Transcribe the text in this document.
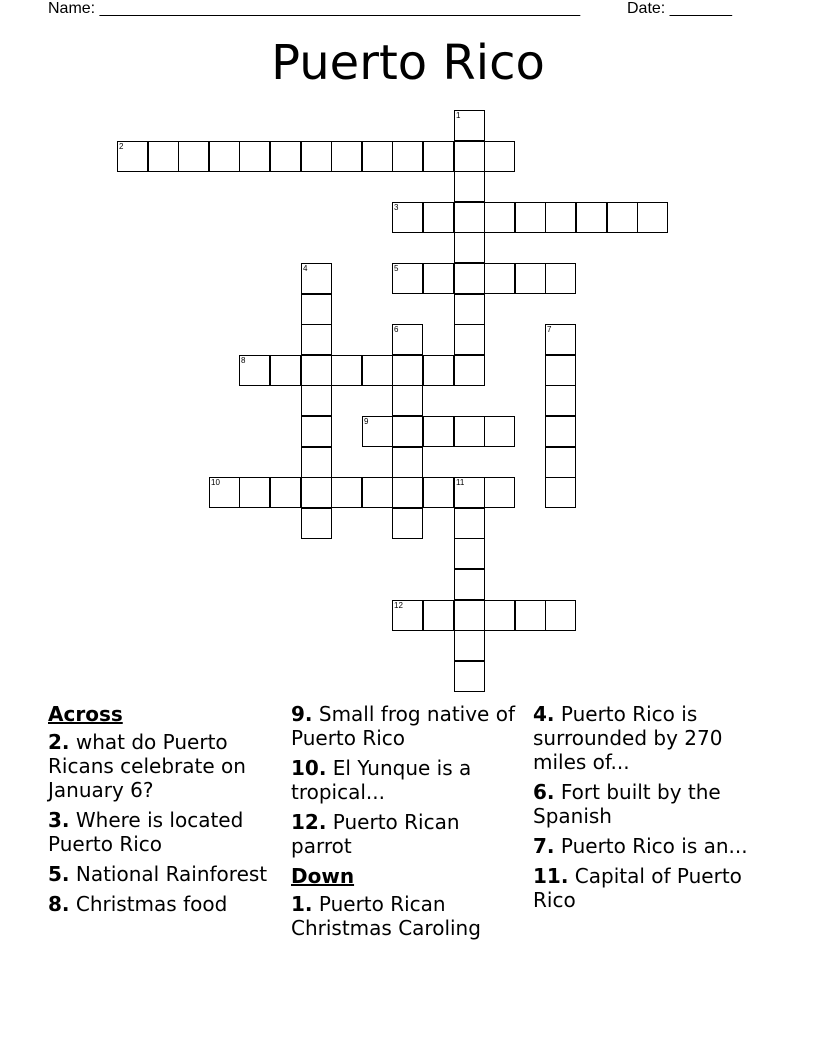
Name: ______________________________________________________	Date: _______
Puerto Rico
1
2
3
4	5
6	7
8
9
10	11
12
Across
2. what do Puerto Ricans celebrate on January 6?
3. Where is located Puerto Rico
5. National Rainforest
8. Christmas food
9. Small frog native of Puerto Rico
10. El Yunque is a tropical...
12. Puerto Rican parrot
Down
1. Puerto Rican Christmas Caroling
4. Puerto Rico is surrounded by 270 miles of...
6. Fort built by the Spanish
7. Puerto Rico is an...
11. Capital of Puerto Rico
